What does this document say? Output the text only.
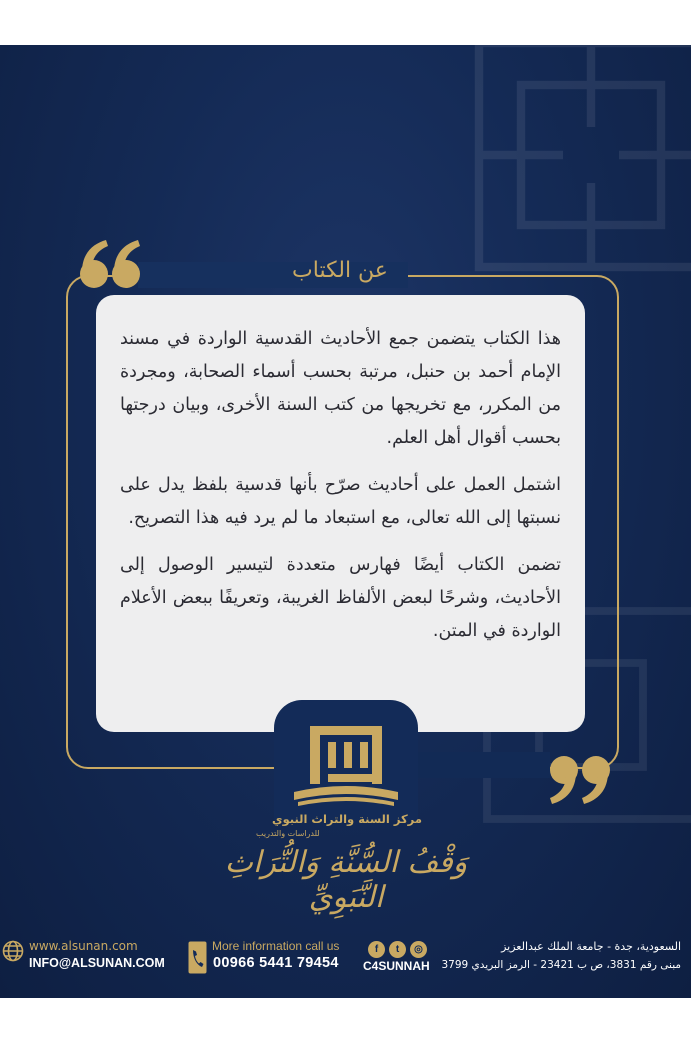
عن الكتاب

هذا الكتاب يتضمن جمع الأحاديث القدسية الواردة في مسند الإمام أحمد بن حنبل، مرتبة بحسب أسماء الصحابة، ومجردة من المكرر، مع تخريجها من كتب السنة الأخرى، وبيان درجتها بحسب أقوال أهل العلم.

اشتمل العمل على أحاديث صرّح بأنها قدسية بلفظ يدل على نسبتها إلى الله تعالى، مع استبعاد ما لم يرد فيه هذا التصريح.

تضمن الكتاب أيضًا فهارس متعددة لتيسير الوصول إلى الأحاديث، وشرحًا لبعض الألفاظ الغريبة، وتعريفًا ببعض الأعلام الواردة في المتن.

مركز السنة والتراث النبوي
للدراسات والتدريب
وَقْفُ السُّنَّةِ وَالتُّرَاثِ النَّبَوِيِّ
www.alsunan.com
INFO@ALSUNAN.COM
More information call us
00966 5441 79454
f	t	◎
C4SUNNAH
السعودية، جدة - جامعة الملك عبدالعزيز
مبنى رقم 3831، ص ب 23421 - الرمز البريدي 3799
